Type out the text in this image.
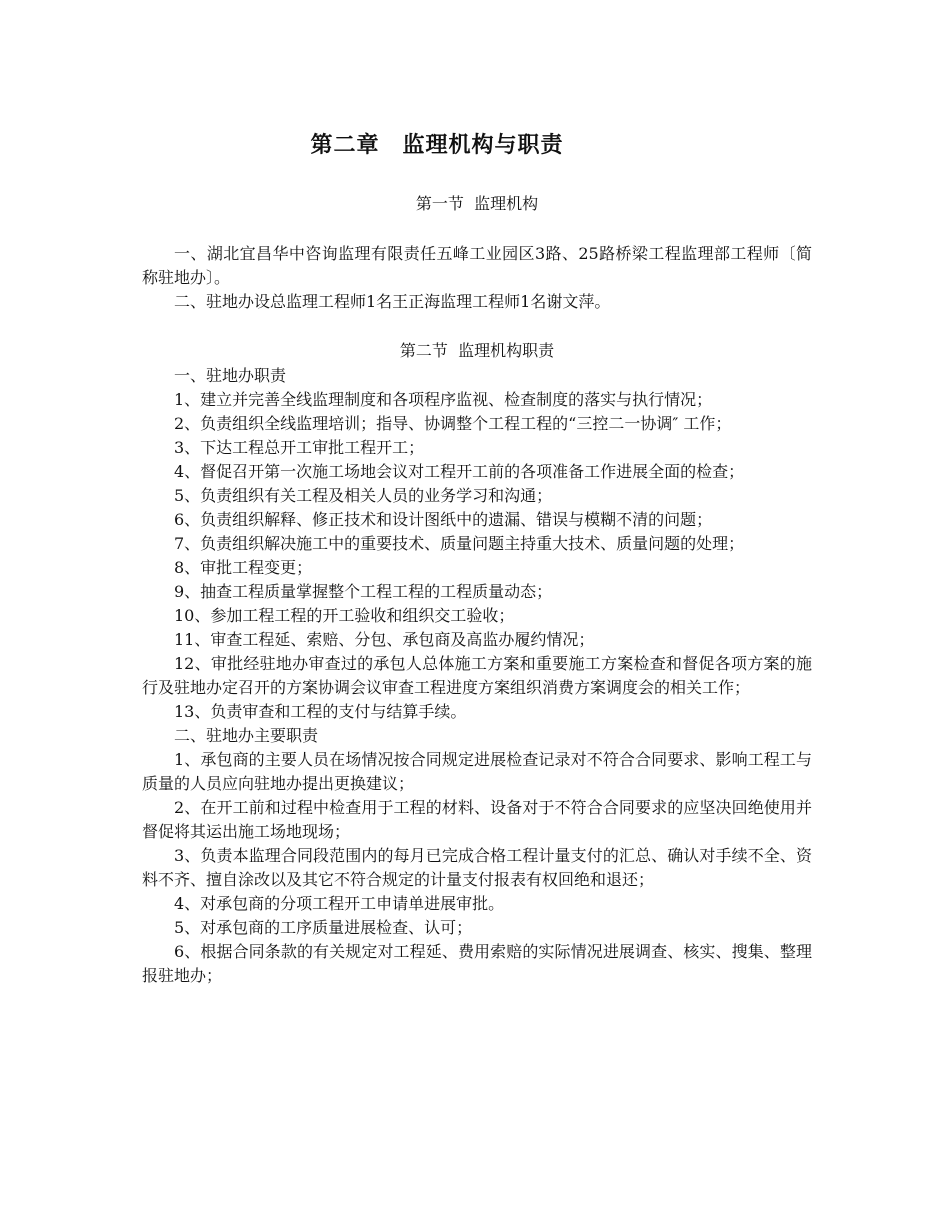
第二章　监理机构与职责
第一节  监理机构

一、湖北宜昌华中咨询监理有限责任五峰工业园区3路、25路桥梁工程监理部工程师〔简称驻地办〕。

二、驻地办设总监理工程师1名王正海监理工程师1名谢文萍。

第二节  监理机构职责

一、驻地办职责

1、建立并完善全线监理制度和各项程序监视、检查制度的落实与执行情况；

2、负责组织全线监理培训；指导、协调整个工程工程的“三控二一协调″ 工作；

3、下达工程总开工审批工程开工；

4、督促召开第一次施工场地会议对工程开工前的各项准备工作进展全面的检查；

5、负责组织有关工程及相关人员的业务学习和沟通；

6、负责组织解释、修正技术和设计图纸中的遗漏、错误与模糊不清的问题；

7、负责组织解决施工中的重要技术、质量问题主持重大技术、质量问题的处理；

8、审批工程变更；

9、抽查工程质量掌握整个工程工程的工程质量动态；

10、参加工程工程的开工验收和组织交工验收；

11、审查工程延、索赔、分包、承包商及高监办履约情况；

12、审批经驻地办审查过的承包人总体施工方案和重要施工方案检查和督促各项方案的施行及驻地办定召开的方案协调会议审查工程进度方案组织消费方案调度会的相关工作；

13、负责审查和工程的支付与结算手续。

二、驻地办主要职责

1、承包商的主要人员在场情况按合同规定进展检查记录对不符合合同要求、影响工程工与质量的人员应向驻地办提出更换建议；

2、在开工前和过程中检查用于工程的材料、设备对于不符合合同要求的应坚决回绝使用并督促将其运出施工场地现场；

3、负责本监理合同段范围内的每月已完成合格工程计量支付的汇总、确认对手续不全、资料不齐、擅自涂改以及其它不符合规定的计量支付报表有权回绝和退还；

4、对承包商的分项工程开工申请单进展审批。

5、对承包商的工序质量进展检查、认可；

6、根据合同条款的有关规定对工程延、费用索赔的实际情况进展调查、核实、搜集、整理报驻地办；
